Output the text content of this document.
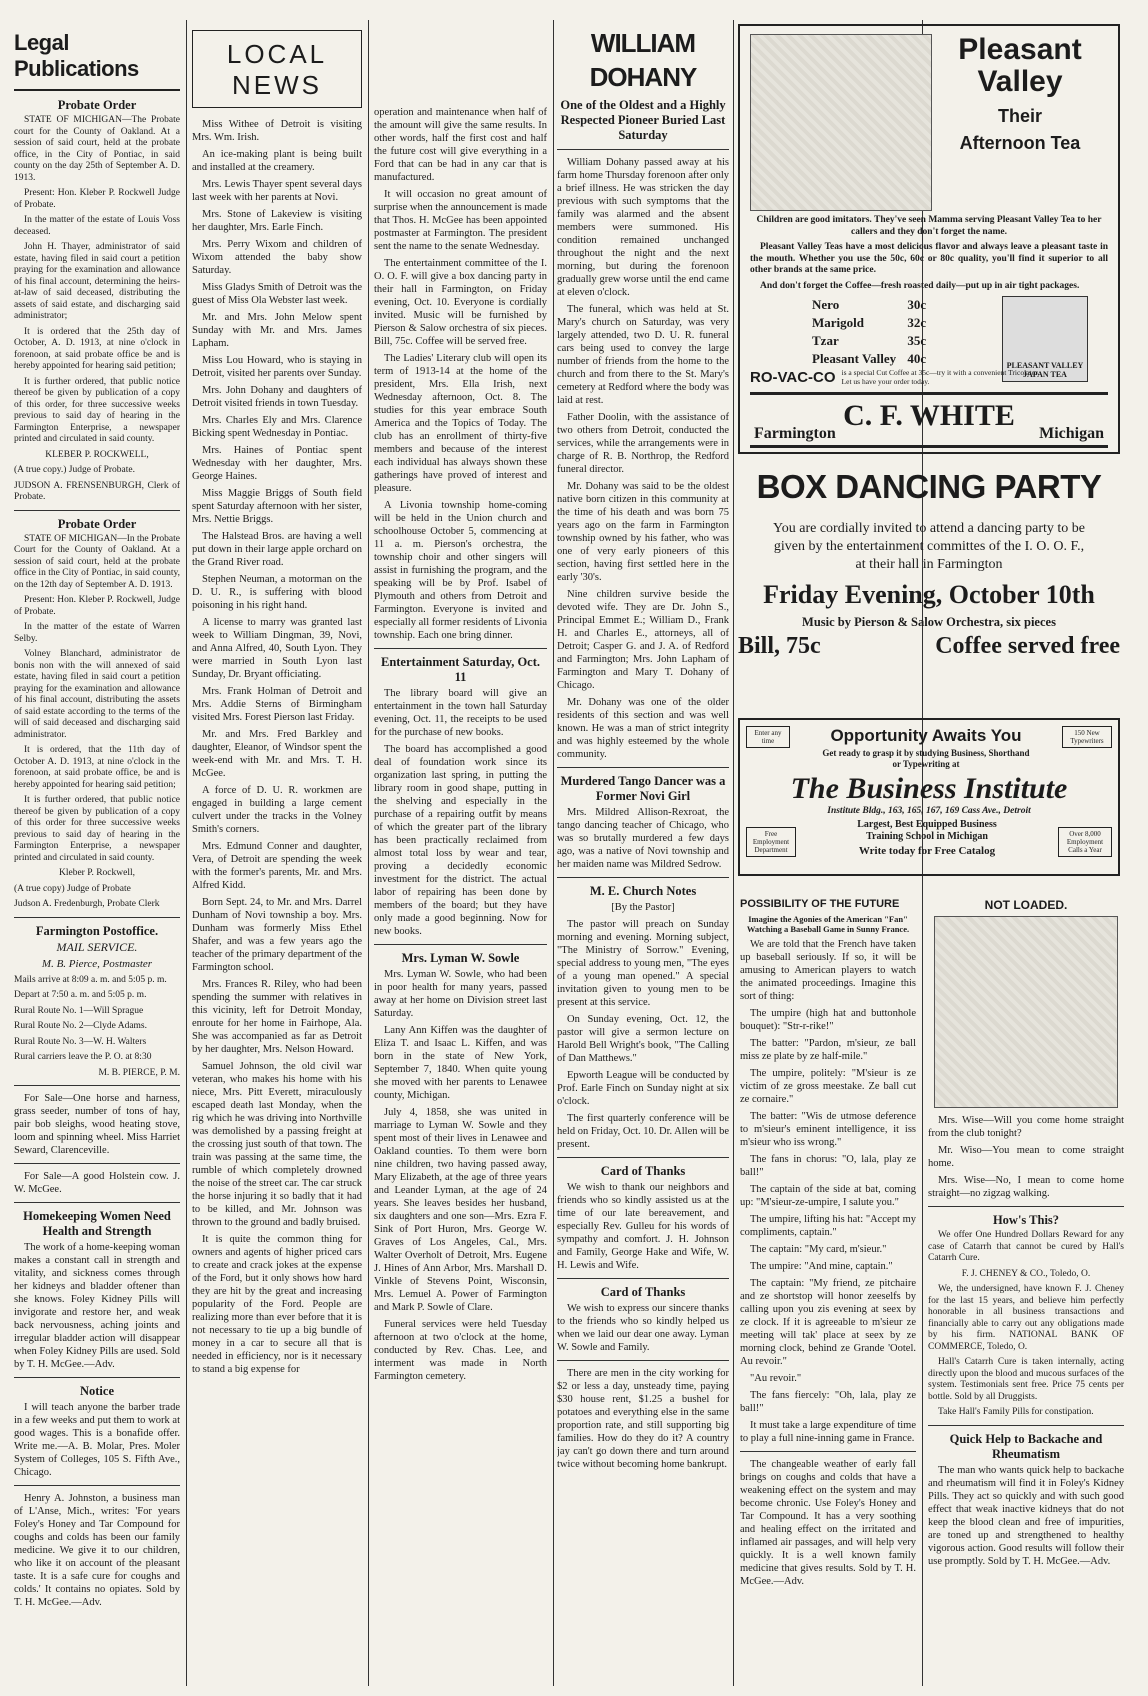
Legal Publications
Probate Order

STATE OF MICHIGAN—The Probate court for the County of Oakland. At a session of said court, held at the probate office, in the City of Pontiac, in said county on the day 25th of September A. D. 1913.

Present: Hon. Kleber P. Rockwell Judge of Probate.

In the matter of the estate of Louis Voss deceased.

John H. Thayer, administrator of said estate, having filed in said court a petition praying for the examination and allowance of his final account, determining the heirs-at-law of said deceased, distributing the assets of said estate, and discharging said administrator;

It is ordered that the 25th day of October, A. D. 1913, at nine o'clock in forenoon, at said probate office be and is hereby appointed for hearing said petition;

It is further ordered, that public notice thereof be given by publication of a copy of this order, for three successive weeks previous to said day of hearing in the Farmington Enterprise, a newspaper printed and circulated in said county.

KLEBER P. ROCKWELL,

(A true copy.) Judge of Probate.

JUDSON A. FRENSENBURGH, Clerk of Probate.

Probate Order

STATE OF MICHIGAN—In the Probate Court for the County of Oakland. At a session of said court, held at the probate office in the City of Pontiac, in said county, on the 12th day of September A. D. 1913.

Present: Hon. Kleber P. Rockwell, Judge of Probate.

In the matter of the estate of Warren Selby.

Volney Blanchard, administrator de bonis non with the will annexed of said estate, having filed in said court a petition praying for the examination and allowance of his final account, distributing the assets of said estate according to the terms of the will of said deceased and discharging said administrator.

It is ordered, that the 11th day of October A. D. 1913, at nine o'clock in the forenoon, at said probate office, be and is hereby appointed for hearing said petition;

It is further ordered, that public notice thereof be given by publication of a copy of this order for three successive weeks previous to said day of hearing in the Farmington Enterprise, a newspaper printed and circulated in said county.

Kleber P. Rockwell,

(A true copy) Judge of Probate

Judson A. Fredenburgh, Probate Clerk

Farmington Postoffice.

MAIL SERVICE.

M. B. Pierce, Postmaster

Mails arrive at 8:09 a. m. and 5:05 p. m.

Depart at 7:50 a. m. and 5:05 p. m.

Rural Route No. 1—Will Sprague

Rural Route No. 2—Clyde Adams.

Rural Route No. 3—W. H. Walters

Rural carriers leave the P. O. at 8:30

M. B. PIERCE, P. M.

For Sale—One horse and harness, grass seeder, number of tons of hay, pair bob sleighs, wood heating stove, loom and spinning wheel. Miss Harriet Seward, Clarenceville.

For Sale—A good Holstein cow. J. W. McGee.

Homekeeping Women Need Health and Strength

The work of a home-keeping woman makes a constant call in strength and vitality, and sickness comes through her kidneys and bladder oftener than she knows. Foley Kidney Pills will invigorate and restore her, and weak back nervousness, aching joints and irregular bladder action will disappear when Foley Kidney Pills are used. Sold by T. H. McGee.—Adv.

Notice

I will teach anyone the barber trade in a few weeks and put them to work at good wages. This is a bonafide offer. Write me.—A. B. Molar, Pres. Moler System of Colleges, 105 S. Fifth Ave., Chicago.

Henry A. Johnston, a business man of L'Anse, Mich., writes: 'For years Foley's Honey and Tar Compound for coughs and colds has been our family medicine. We give it to our children, who like it on account of the pleasant taste. It is a safe cure for coughs and colds.' It contains no opiates. Sold by T. H. McGee.—Adv.

LOCAL NEWS

Miss Withee of Detroit is visiting Mrs. Wm. Irish.

An ice-making plant is being built and installed at the creamery.

Mrs. Lewis Thayer spent several days last week with her parents at Novi.

Mrs. Stone of Lakeview is visiting her daughter, Mrs. Earle Finch.

Mrs. Perry Wixom and children of Wixom attended the baby show Saturday.

Miss Gladys Smith of Detroit was the guest of Miss Ola Webster last week.

Mr. and Mrs. John Melow spent Sunday with Mr. and Mrs. James Lapham.

Miss Lou Howard, who is staying in Detroit, visited her parents over Sunday.

Mrs. John Dohany and daughters of Detroit visited friends in town Tuesday.

Mrs. Charles Ely and Mrs. Clarence Bicking spent Wednesday in Pontiac.

Mrs. Haines of Pontiac spent Wednesday with her daughter, Mrs. George Haines.

Miss Maggie Briggs of South field spent Saturday afternoon with her sister, Mrs. Nettie Briggs.

The Halstead Bros. are having a well put down in their large apple orchard on the Grand River road.

Stephen Neuman, a motorman on the D. U. R., is suffering with blood poisoning in his right hand.

A license to marry was granted last week to William Dingman, 39, Novi, and Anna Alfred, 40, South Lyon. They were married in South Lyon last Sunday, Dr. Bryant officiating.

Mrs. Frank Holman of Detroit and Mrs. Addie Sterns of Birmingham visited Mrs. Forest Pierson last Friday.

Mr. and Mrs. Fred Barkley and daughter, Eleanor, of Windsor spent the week-end with Mr. and Mrs. T. H. McGee.

A force of D. U. R. workmen are engaged in building a large cement culvert under the tracks in the Volney Smith's corners.

Mrs. Edmund Conner and daughter, Vera, of Detroit are spending the week with the former's parents, Mr. and Mrs. Alfred Kidd.

Born Sept. 24, to Mr. and Mrs. Darrel Dunham of Novi township a boy. Mrs. Dunham was formerly Miss Ethel Shafer, and was a few years ago the teacher of the primary department of the Farmington school.

Mrs. Frances R. Riley, who had been spending the summer with relatives in this vicinity, left for Detroit Monday, enroute for her home in Fairhope, Ala. She was accompanied as far as Detroit by her daughter, Mrs. Nelson Howard.

Samuel Johnson, the old civil war veteran, who makes his home with his niece, Mrs. Pitt Everett, miraculously escaped death last Monday, when the rig which he was driving into Northville was demolished by a passing freight at the crossing just south of that town. The train was passing at the same time, the rumble of which completely drowned the noise of the street car. The car struck the horse injuring it so badly that it had to be killed, and Mr. Johnson was thrown to the ground and badly bruised.

It is quite the common thing for owners and agents of higher priced cars to create and crack jokes at the expense of the Ford, but it only shows how hard they are hit by the great and increasing popularity of the Ford. People are realizing more than ever before that it is not necessary to tie up a big bundle of money in a car to secure all that is needed in efficiency, nor is it necessary to stand a big expense for

operation and maintenance when half of the amount will give the same results. In other words, half the first cost and half the future cost will give everything in a Ford that can be had in any car that is manufactured.

It will occasion no great amount of surprise when the announcement is made that Thos. H. McGee has been appointed postmaster at Farmington. The president sent the name to the senate Wednesday.

The entertainment committee of the I. O. O. F. will give a box dancing party in their hall in Farmington, on Friday evening, Oct. 10. Everyone is cordially invited. Music will be furnished by Pierson & Salow orchestra of six pieces. Bill, 75c. Coffee will be served free.

The Ladies' Literary club will open its term of 1913-14 at the home of the president, Mrs. Ella Irish, next Wednesday afternoon, Oct. 8. The studies for this year embrace South America and the Topics of Today. The club has an enrollment of thirty-five members and because of the interest each individual has always shown these gatherings have proved of interest and pleasure.

A Livonia township home-coming will be held in the Union church and schoolhouse October 5, commencing at 11 a. m. Pierson's orchestra, the township choir and other singers will assist in furnishing the program, and the speaking will be by Prof. Isabel of Plymouth and others from Detroit and Farmington. Everyone is invited and especially all former residents of Livonia township. Each one bring dinner.

Entertainment Saturday, Oct. 11

The library board will give an entertainment in the town hall Saturday evening, Oct. 11, the receipts to be used for the purchase of new books.

The board has accomplished a good deal of foundation work since its organization last spring, in putting the library room in good shape, putting in the shelving and especially in the purchase of a repairing outfit by means of which the greater part of the library has been practically reclaimed from almost total loss by wear and tear, proving a decidedly economic investment for the district. The actual labor of repairing has been done by members of the board; but they have only made a good beginning. Now for new books.

Mrs. Lyman W. Sowle

Mrs. Lyman W. Sowle, who had been in poor health for many years, passed away at her home on Division street last Saturday.

Lany Ann Kiffen was the daughter of Eliza T. and Isaac L. Kiffen, and was born in the state of New York, September 7, 1840. When quite young she moved with her parents to Lenawee county, Michigan.

July 4, 1858, she was united in marriage to Lyman W. Sowle and they spent most of their lives in Lenawee and Oakland counties. To them were born nine children, two having passed away, Mary Elizabeth, at the age of three years and Leander Lyman, at the age of 24 years. She leaves besides her husband, six daughters and one son—Mrs. Ezra F. Sink of Port Huron, Mrs. George W. Graves of Los Angeles, Cal., Mrs. Walter Overholt of Detroit, Mrs. Eugene J. Hines of Ann Arbor, Mrs. Marshall D. Vinkle of Stevens Point, Wisconsin, Mrs. Lemuel A. Power of Farmington and Mark P. Sowle of Clare.

Funeral services were held Tuesday afternoon at two o'clock at the home, conducted by Rev. Chas. Lee, and interment was made in North Farmington cemetery.

WILLIAM DOHANY
One of the Oldest and a Highly Respected Pioneer Buried Last Saturday

William Dohany passed away at his farm home Thursday forenoon after only a brief illness. He was stricken the day previous with such symptoms that the family was alarmed and the absent members were summoned. His condition remained unchanged throughout the night and the next morning, but during the forenoon gradually grew worse until the end came at eleven o'clock.

The funeral, which was held at St. Mary's church on Saturday, was very largely attended, two D. U. R. funeral cars being used to convey the large number of friends from the home to the church and from there to the St. Mary's cemetery at Redford where the body was laid at rest.

Father Doolin, with the assistance of two others from Detroit, conducted the services, while the arrangements were in charge of R. B. Northrop, the Redford funeral director.

Mr. Dohany was said to be the oldest native born citizen in this community at the time of his death and was born 75 years ago on the farm in Farmington township owned by his father, who was one of very early pioneers of this section, having first settled here in the early '30's.

Nine children survive beside the devoted wife. They are Dr. John S., Principal Emmet E.; William D., Frank H. and Charles E., attorneys, all of Detroit; Casper G. and J. A. of Redford and Farmington; Mrs. John Lapham of Farmington and Mary T. Dohany of Chicago.

Mr. Dohany was one of the older residents of this section and was well known. He was a man of strict integrity and was highly esteemed by the whole community.

Murdered Tango Dancer was a Former Novi Girl

Mrs. Mildred Allison-Rexroat, the tango dancing teacher of Chicago, who was so brutally murdered a few days ago, was a native of Novi township and her maiden name was Mildred Sedrow.

M. E. Church Notes

[By the Pastor]

The pastor will preach on Sunday morning and evening. Morning subject, "The Ministry of Sorrow." Evening, special address to young men, "The eyes of a young man opened." A special invitation given to young men to be present at this service.

On Sunday evening, Oct. 12, the pastor will give a sermon lecture on Harold Bell Wright's book, "The Calling of Dan Matthews."

Epworth League will be conducted by Prof. Earle Finch on Sunday night at six o'clock.

The first quarterly conference will be held on Friday, Oct. 10. Dr. Allen will be present.

Card of Thanks

We wish to thank our neighbors and friends who so kindly assisted us at the time of our late bereavement, and especially Rev. Gulleu for his words of sympathy and comfort. J. H. Johnson and Family, George Hake and Wife, W. H. Lewis and Wife.

Card of Thanks

We wish to express our sincere thanks to the friends who so kindly helped us when we laid our dear one away. Lyman W. Sowle and Family.

There are men in the city working for $2 or less a day, unsteady time, paying $30 house rent, $1.25 a bushel for potatoes and everything else in the same proportion rate, and still supporting big families. How do they do it? A country jay can't go down there and turn around twice without becoming home bankrupt.

Pleasant
Valley
Their
Afternoon Tea

Children are good imitators. They've seen Mamma serving Pleasant Valley Tea to her callers and they don't forget the name.

Pleasant Valley Teas have a most delicious flavor and always leave a pleasant taste in the mouth. Whether you use the 50c, 60c or 80c quality, you'll find it superior to all other brands at the same price.

And don't forget the Coffee—fresh roasted daily—put up in air tight packages.

Nero	30c
Marigold	32c
Tzar	35c
Pleasant Valley	40c	PLEASANT VALLEY JAPAN TEA
RO-VAC-CO is a special Cut Coffee at 35c—try it with a convenient Tricolator. Let us have your order today.
C. F. WHITE
Farmington	Michigan
BOX DANCING PARTY

You are cordially invited to attend a dancing party to be given by the entertainment committes of the I. O. O. F., at their hall in Farmington

Friday Evening, October 10th

Music by Pierson & Salow Orchestra, six pieces

Bill, 75c	Coffee served free
Enter any time	Opportunity Awaits You
Get ready to grasp it by studying Business, Shorthand or Typewriting at
150 New Typewriters
The Business Institute
Institute Bldg., 163, 165, 167, 169 Cass Ave., Detroit
Free Employment Department
Largest, Best Equipped Business Training School in Michigan
Write today for Free Catalog
Over 8,000 Employment Calls a Year
POSSIBILITY OF THE FUTURE

Imagine the Agonies of the American "Fan" Watching a Baseball Game in Sunny France.

We are told that the French have taken up baseball seriously. If so, it will be amusing to American players to watch the animated proceedings. Imagine this sort of thing:

The umpire (high hat and buttonhole bouquet): "Str-r-rike!"

The batter: "Pardon, m'sieur, ze ball miss ze plate by ze half-mile."

The umpire, politely: "M'sieur is ze victim of ze gross meestake. Ze ball cut ze cornaire."

The batter: "Wis de utmose deference to m'sieur's eminent intelligence, it iss m'sieur who iss wrong."

The fans in chorus: "O, lala, play ze ball!"

The captain of the side at bat, coming up: "M'sieur-ze-umpire, I salute you."

The umpire, lifting his hat: "Accept my compliments, captain."

The captain: "My card, m'sieur."

The umpire: "And mine, captain."

The captain: "My friend, ze pitchaire and ze shortstop will honor zeeselfs by calling upon you zis evening at seex by ze clock. If it is agreeable to m'sieur ze meeting will tak' place at seex by ze morning clock, behind ze Grande 'Ootel. Au revoir."

"Au revoir."

The fans fiercely: "Oh, lala, play ze ball!"

It must take a large expenditure of time to play a full nine-inning game in France.

The changeable weather of early fall brings on coughs and colds that have a weakening effect on the system and may become chronic. Use Foley's Honey and Tar Compound. It has a very soothing and healing effect on the irritated and inflamed air passages, and will help very quickly. It is a well known family medicine that gives results. Sold by T. H. McGee.—Adv.

NOT LOADED.

Mrs. Wise—Will you come home straight from the club tonight?

Mr. Wiso—You mean to come straight home.

Mrs. Wise—No, I mean to come home straight—no zigzag walking.

How's This?

We offer One Hundred Dollars Reward for any case of Catarrh that cannot be cured by Hall's Catarrh Cure.

F. J. CHENEY & CO., Toledo, O.

We, the undersigned, have known F. J. Cheney for the last 15 years, and believe him perfectly honorable in all business transactions and financially able to carry out any obligations made by his firm. NATIONAL BANK OF COMMERCE, Toledo, O.

Hall's Catarrh Cure is taken internally, acting directly upon the blood and mucous surfaces of the system. Testimonials sent free. Price 75 cents per bottle. Sold by all Druggists.

Take Hall's Family Pills for constipation.

Quick Help to Backache and Rheumatism

The man who wants quick help to backache and rheumatism will find it in Foley's Kidney Pills. They act so quickly and with such good effect that weak inactive kidneys that do not keep the blood clean and free of impurities, are toned up and strengthened to healthy vigorous action. Good results will follow their use promptly. Sold by T. H. McGee.—Adv.
